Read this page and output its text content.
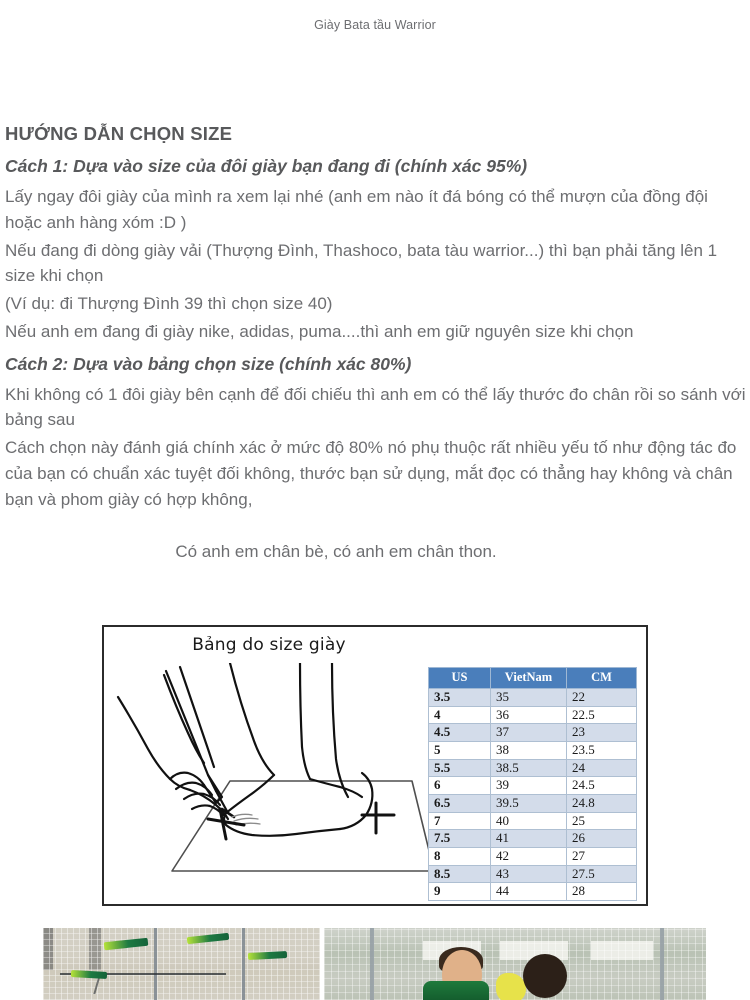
Giày Bata tầu Warrior
HƯỚNG DẪN CHỌN SIZE
Cách 1: Dựa vào size của đôi giày bạn đang đi (chính xác 95%)
Lấy ngay đôi giày của mình ra xem lại nhé (anh em nào ít đá bóng có thể mượn của đồng đội hoặc anh hàng xóm :D )
Nếu đang đi dòng giày vải (Thượng Đình, Thashoco, bata tàu warrior...) thì bạn phải tăng lên 1 size khi chọn
(Ví dụ: đi Thượng Đình 39 thì chọn size 40)
Nếu anh em đang đi giày nike, adidas, puma....thì anh em giữ nguyên size khi chọn
Cách 2: Dựa vào bảng chọn size (chính xác 80%)
Khi không có 1 đôi giày bên cạnh để đối chiếu thì anh em có thể lấy thước đo chân rồi so sánh với bảng sau
Cách chọn này đánh giá chính xác ở mức độ 80% nó phụ thuộc rất nhiều yếu tố như động tác đo của bạn có chuẩn xác tuyệt đối không, thước bạn sử dụng, mắt đọc có thẳng hay không và chân bạn và phom giày có hợp không,
Có anh em chân bè, có anh em chân thon.
Bảng do size giày
US	VietNam	CM
3.5	35	22
4	36	22.5
4.5	37	23
5	38	23.5
5.5	38.5	24
6	39	24.5
6.5	39.5	24.8
7	40	25
7.5	41	26
8	42	27
8.5	43	27.5
9	44	28
